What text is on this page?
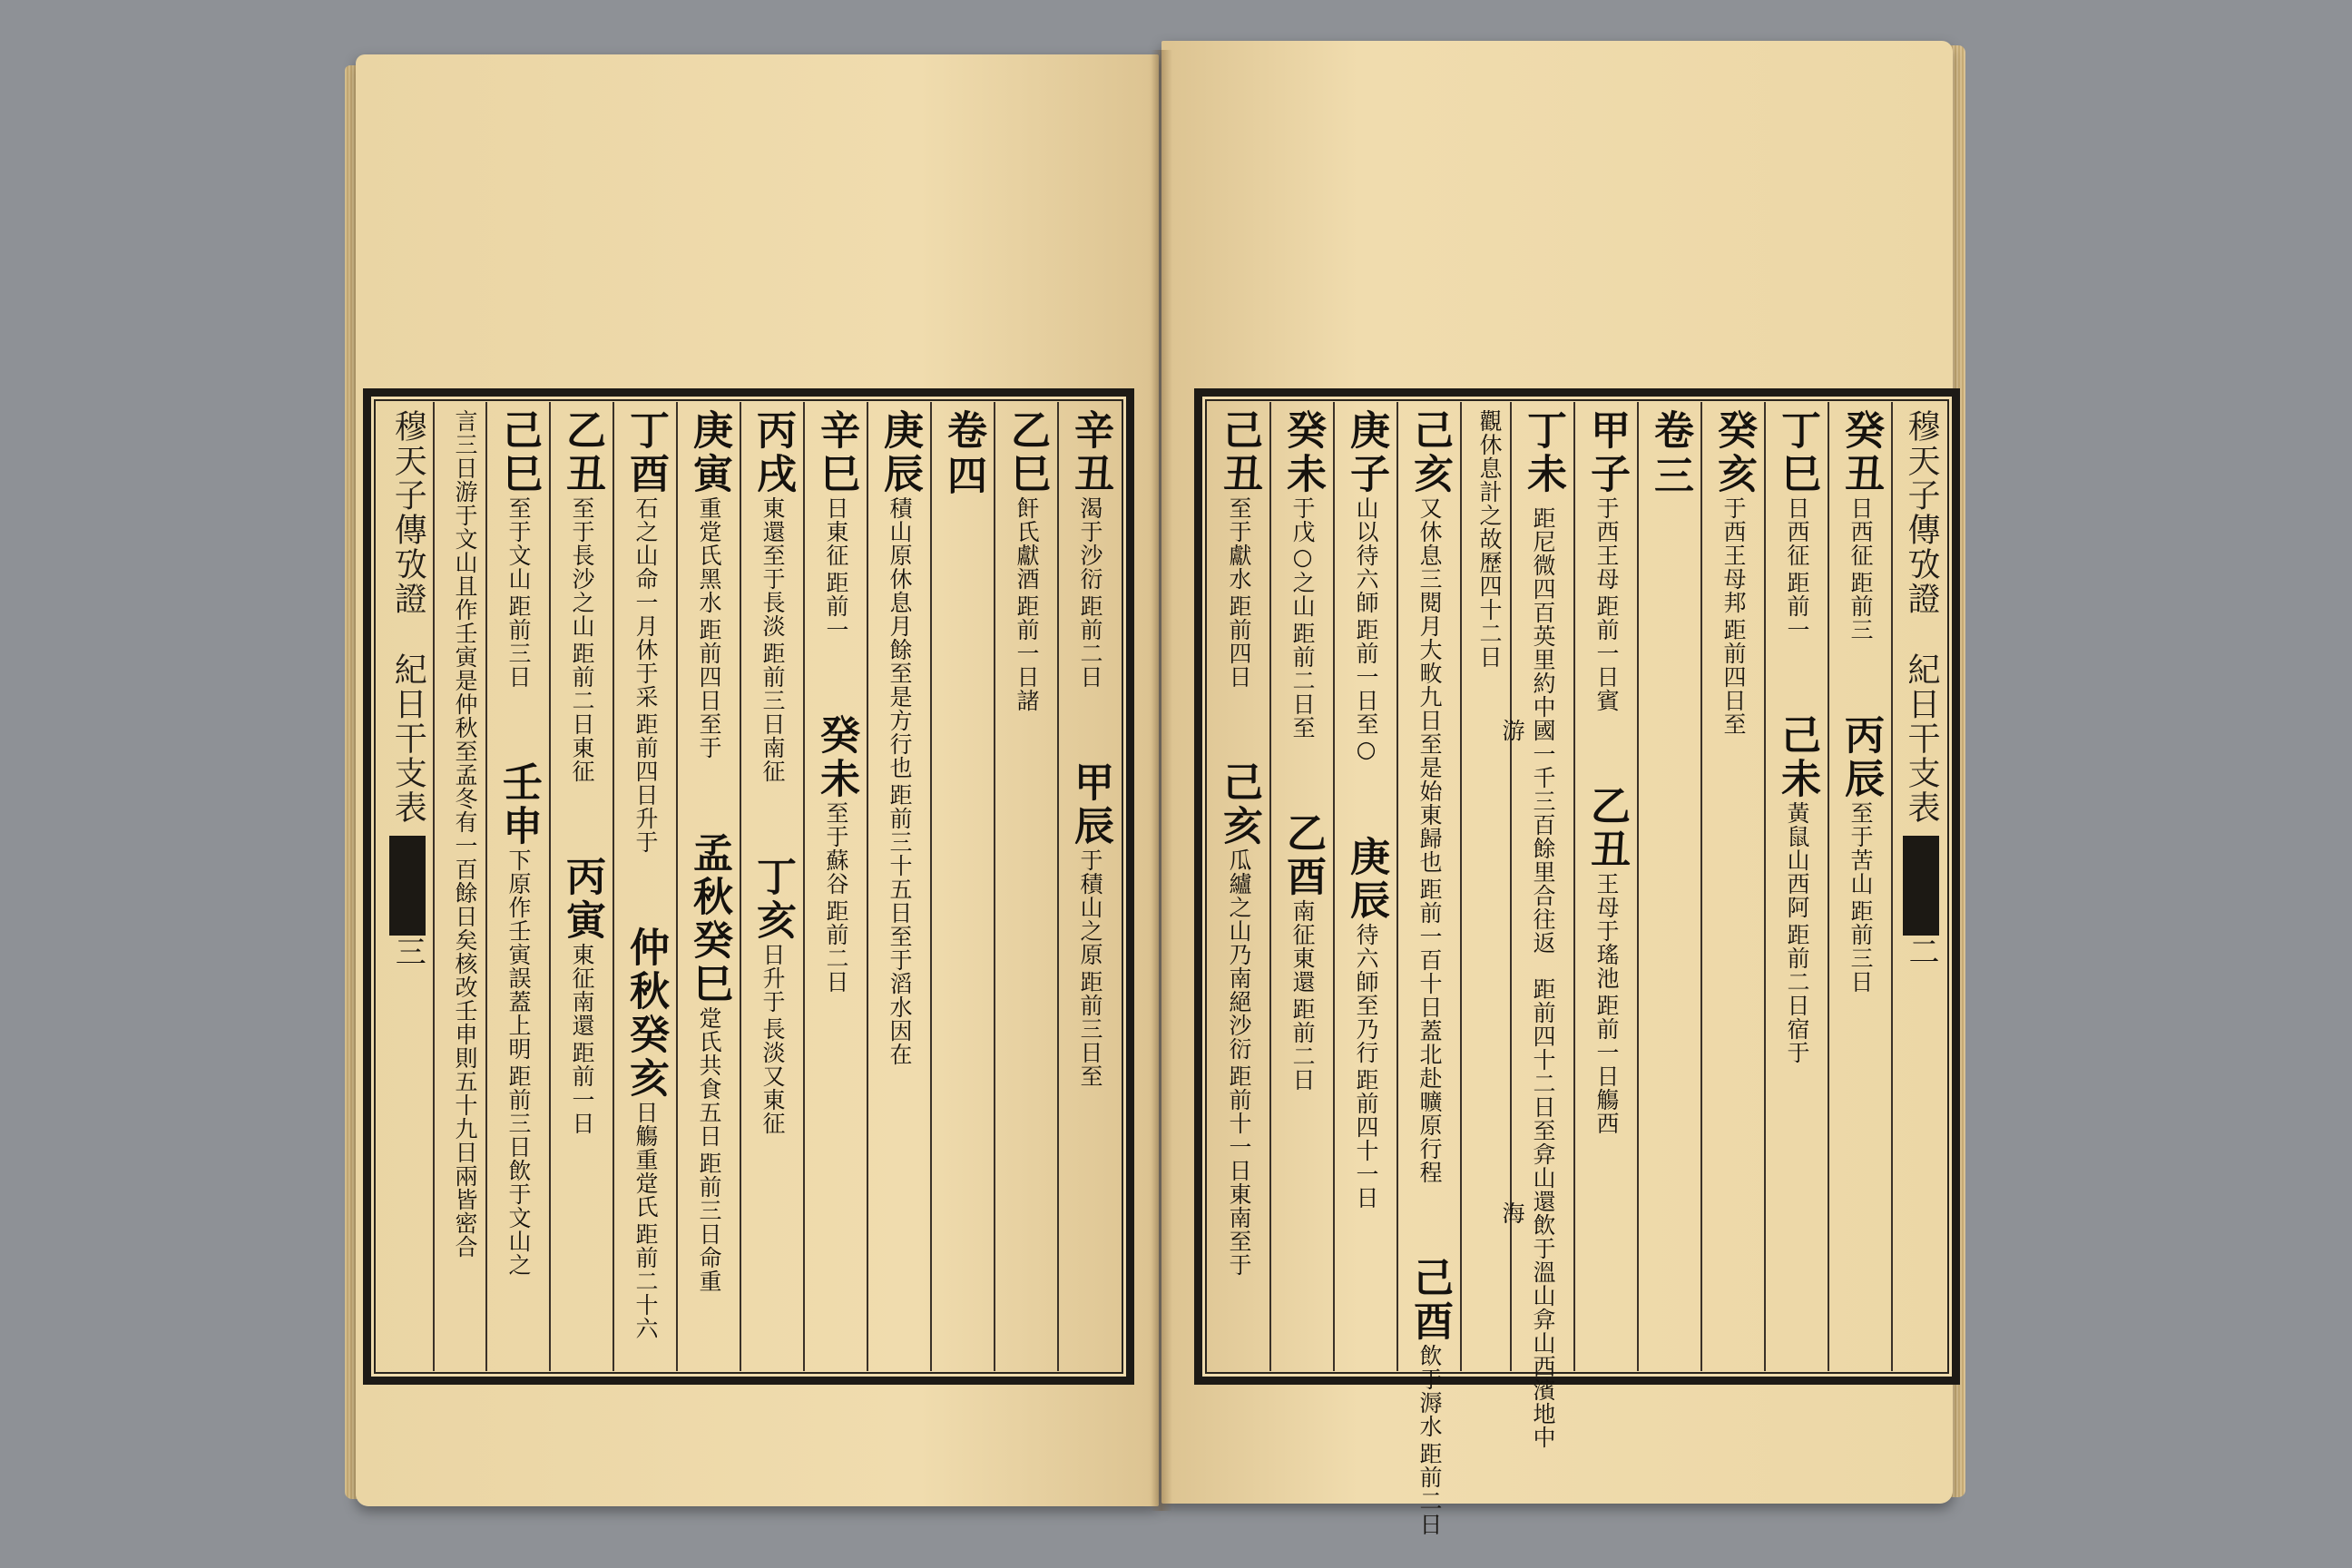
辛丑
距前二日
渴于沙衍
甲辰
距前三日至
于積山之原
乙巳
距前一日諸
飦氏獻酒
卷四
庚辰
距前三十五日至于滔水因在
積山原休息月餘至是方行也
辛巳
距前一
日東征
癸未
距前二日
至于蘇谷
丙戌
距前三日南征
東還至于長淡
丁亥
長淡又東征
日升于
庚寅
距前四日至于
重䟫氏黑水
孟秋癸巳
距前三日命重
䟫氏共食五日
丁酉
距前四日升于
石之山命一月休于采
仲秋癸亥
距前二十六
日觴重䟫氏
乙丑
距前二日東征
至于長沙之山
丙寅
距前一日
東征南還
己巳
距前三日
至于文山
壬申
距前三日飲于文山之
下原作壬寅誤蓋上明
言三日游于文山且作壬寅是仲秋至孟冬有一百餘日矣核改壬申則五十九日兩皆密合
穆天子傳攷證紀日干支表三
穆天子傳攷證紀日干支表二
癸丑
距前三
日西征
丙辰
距前三日
至于苦山
丁巳
距前一
日西征
己未
距前二日宿于
黃鼠山西阿
癸亥
距前四日至
于西王母邦
卷三
甲子
距前一日賓
于西王母
乙丑
距前一日觴西
王母于瑤池
丁未
距前四十二日至弇山還飲于溫山弇山西濱地中海
距尼微四百英里約中國一千三百餘里合往返游
觀休息計之故歷四十二日
己亥
距前一百十日蓋北赴曠原行程
又休息三閱月大畋九日至是始東歸也
己酉
距前二日
飲于溽水
庚子
距前一日至○
山以待六師
庚辰
距前四十一日
待六師至乃行
癸未
距前二日至
于戊○之山
乙酉
距前二日
南征東還
己丑
距前四日
至于獻水
己亥
距前十一日東南至于
瓜纑之山乃南絕沙衍
